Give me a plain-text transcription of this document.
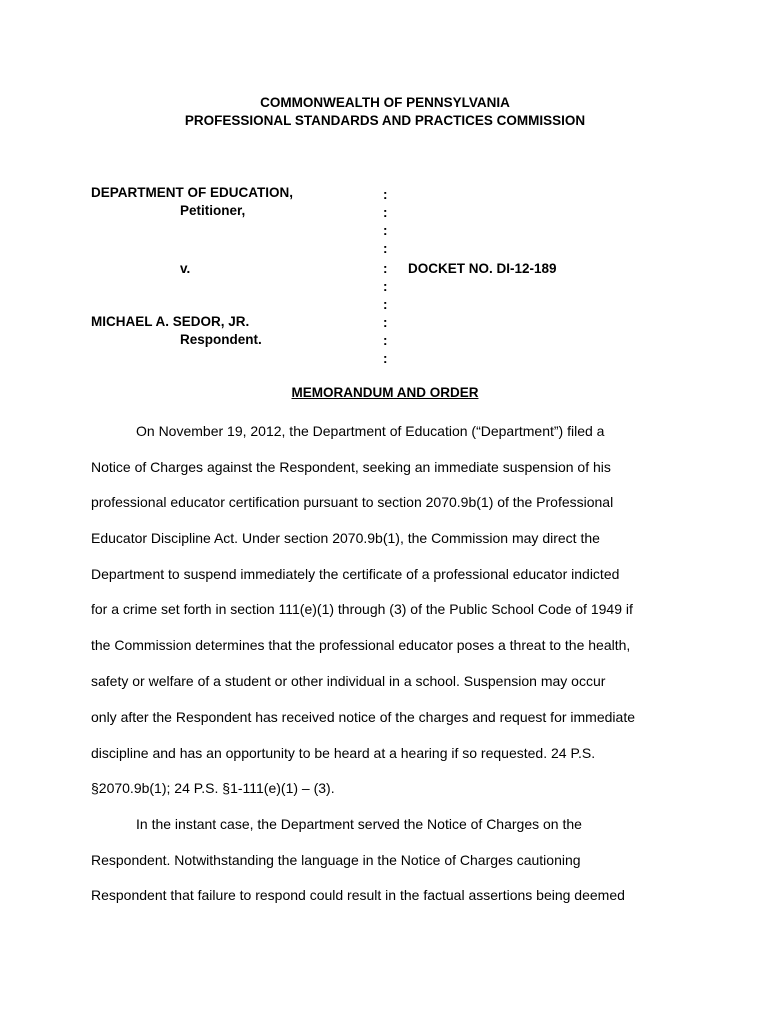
COMMONWEALTH OF PENNSYLVANIA
PROFESSIONAL STANDARDS AND PRACTICES COMMISSION
DEPARTMENT OF EDUCATION,
Petitioner,
v.
MICHAEL A. SEDOR, JR.
Respondent.
:
:
:
:
:
:
:
:
:
:
DOCKET NO. DI-12-189
MEMORANDUM AND ORDER
On November 19, 2012, the Department of Education (“Department”) filed a
Notice of Charges against the Respondent, seeking an immediate suspension of his
professional educator certification pursuant to section 2070.9b(1) of the Professional
Educator Discipline Act. Under section 2070.9b(1), the Commission may direct the
Department to suspend immediately the certificate of a professional educator indicted
for a crime set forth in section 111(e)(1) through (3) of the Public School Code of 1949 if
the Commission determines that the professional educator poses a threat to the health,
safety or welfare of a student or other individual in a school. Suspension may occur
only after the Respondent has received notice of the charges and request for immediate
discipline and has an opportunity to be heard at a hearing if so requested. 24 P.S.
§2070.9b(1); 24 P.S. §1-111(e)(1) – (3).
In the instant case, the Department served the Notice of Charges on the
Respondent. Notwithstanding the language in the Notice of Charges cautioning
Respondent that failure to respond could result in the factual assertions being deemed
